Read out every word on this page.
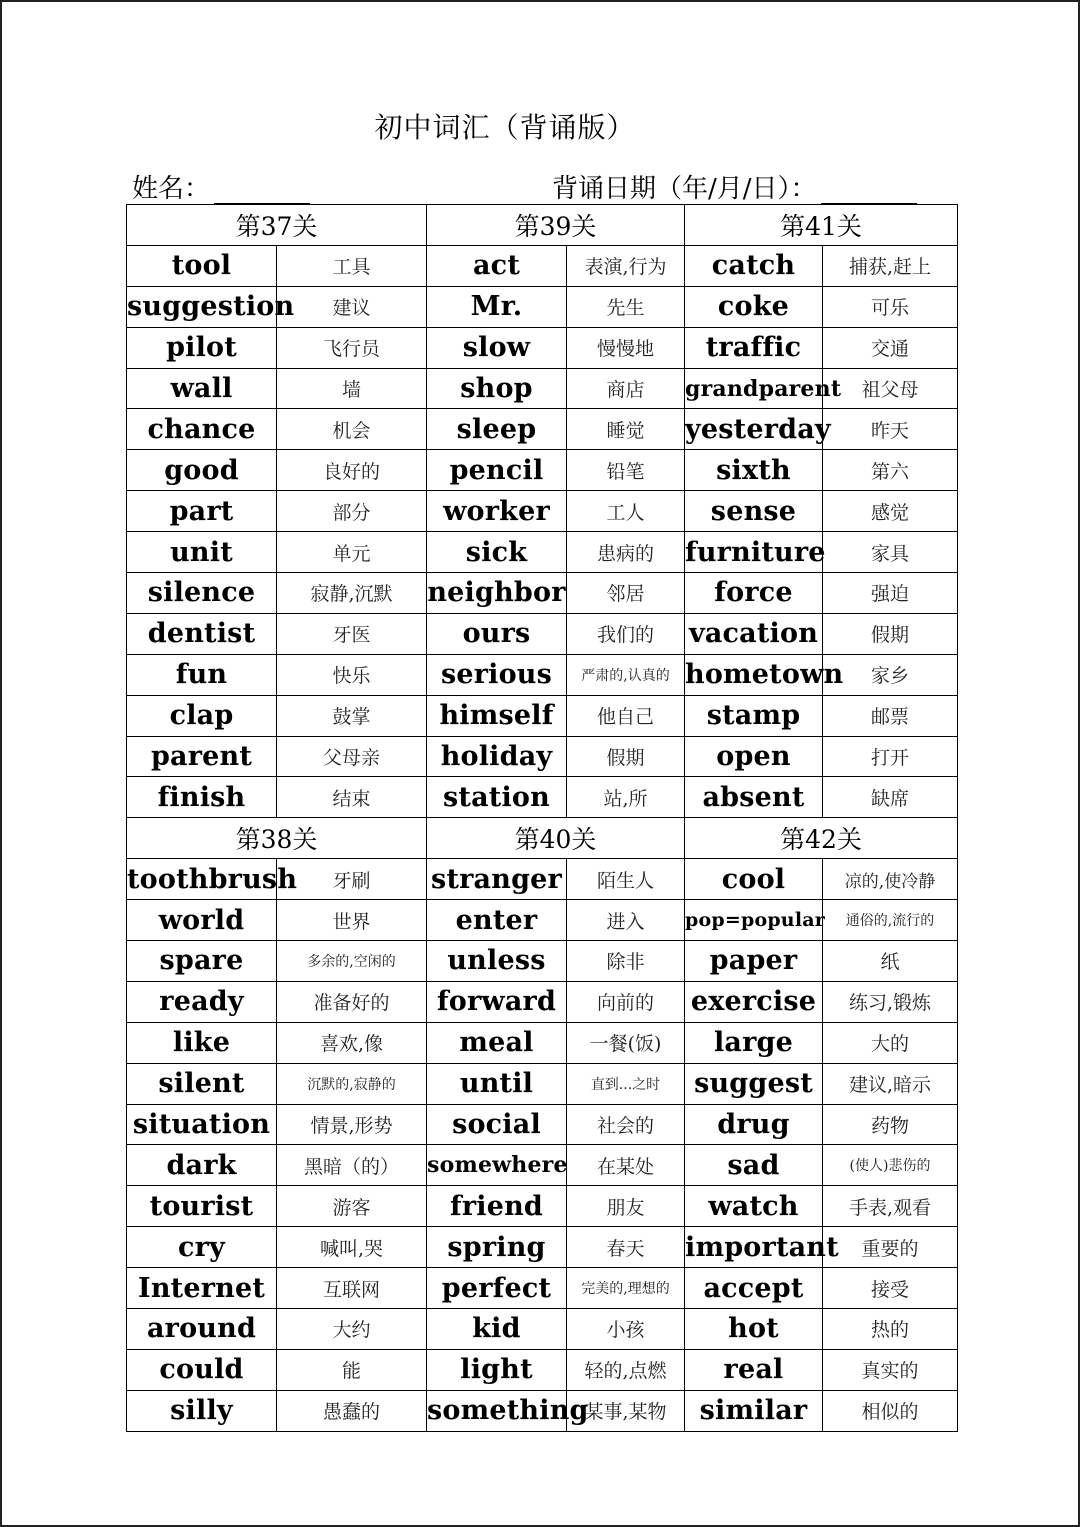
初中词汇（背诵版）
姓名：	背诵日期（年/月/日）：
第37关		第39关		第41关	
tool	工具	act	表演,行为	catch	捕获,赶上
suggestion	建议	Mr.	先生	coke	可乐
pilot	飞行员	slow	慢慢地	traffic	交通
wall	墙	shop	商店	grandparent	祖父母
chance	机会	sleep	睡觉	yesterday	昨天
good	良好的	pencil	铅笔	sixth	第六
part	部分	worker	工人	sense	感觉
unit	单元	sick	患病的	furniture	家具
silence	寂静,沉默	neighbor	邻居	force	强迫
dentist	牙医	ours	我们的	vacation	假期
fun	快乐	serious	严肃的,认真的	hometown	家乡
clap	鼓掌	himself	他自己	stamp	邮票
parent	父母亲	holiday	假期	open	打开
finish	结束	station	站,所	absent	缺席
第38关		第40关		第42关	
toothbrush	牙刷	stranger	陌生人	cool	凉的,使冷静
world	世界	enter	进入	pop=popular	通俗的,流行的
spare	多余的,空闲的	unless	除非	paper	纸
ready	准备好的	forward	向前的	exercise	练习,锻炼
like	喜欢,像	meal	一餐(饭)	large	大的
silent	沉默的,寂静的	until	直到...之时	suggest	建议,暗示
situation	情景,形势	social	社会的	drug	药物
dark	黑暗（的）	somewhere	在某处	sad	(使人)悲伤的
tourist	游客	friend	朋友	watch	手表,观看
cry	喊叫,哭	spring	春天	important	重要的
Internet	互联网	perfect	完美的,理想的	accept	接受
around	大约	kid	小孩	hot	热的
could	能	light	轻的,点燃	real	真实的
silly	愚蠢的	something	某事,某物	similar	相似的
